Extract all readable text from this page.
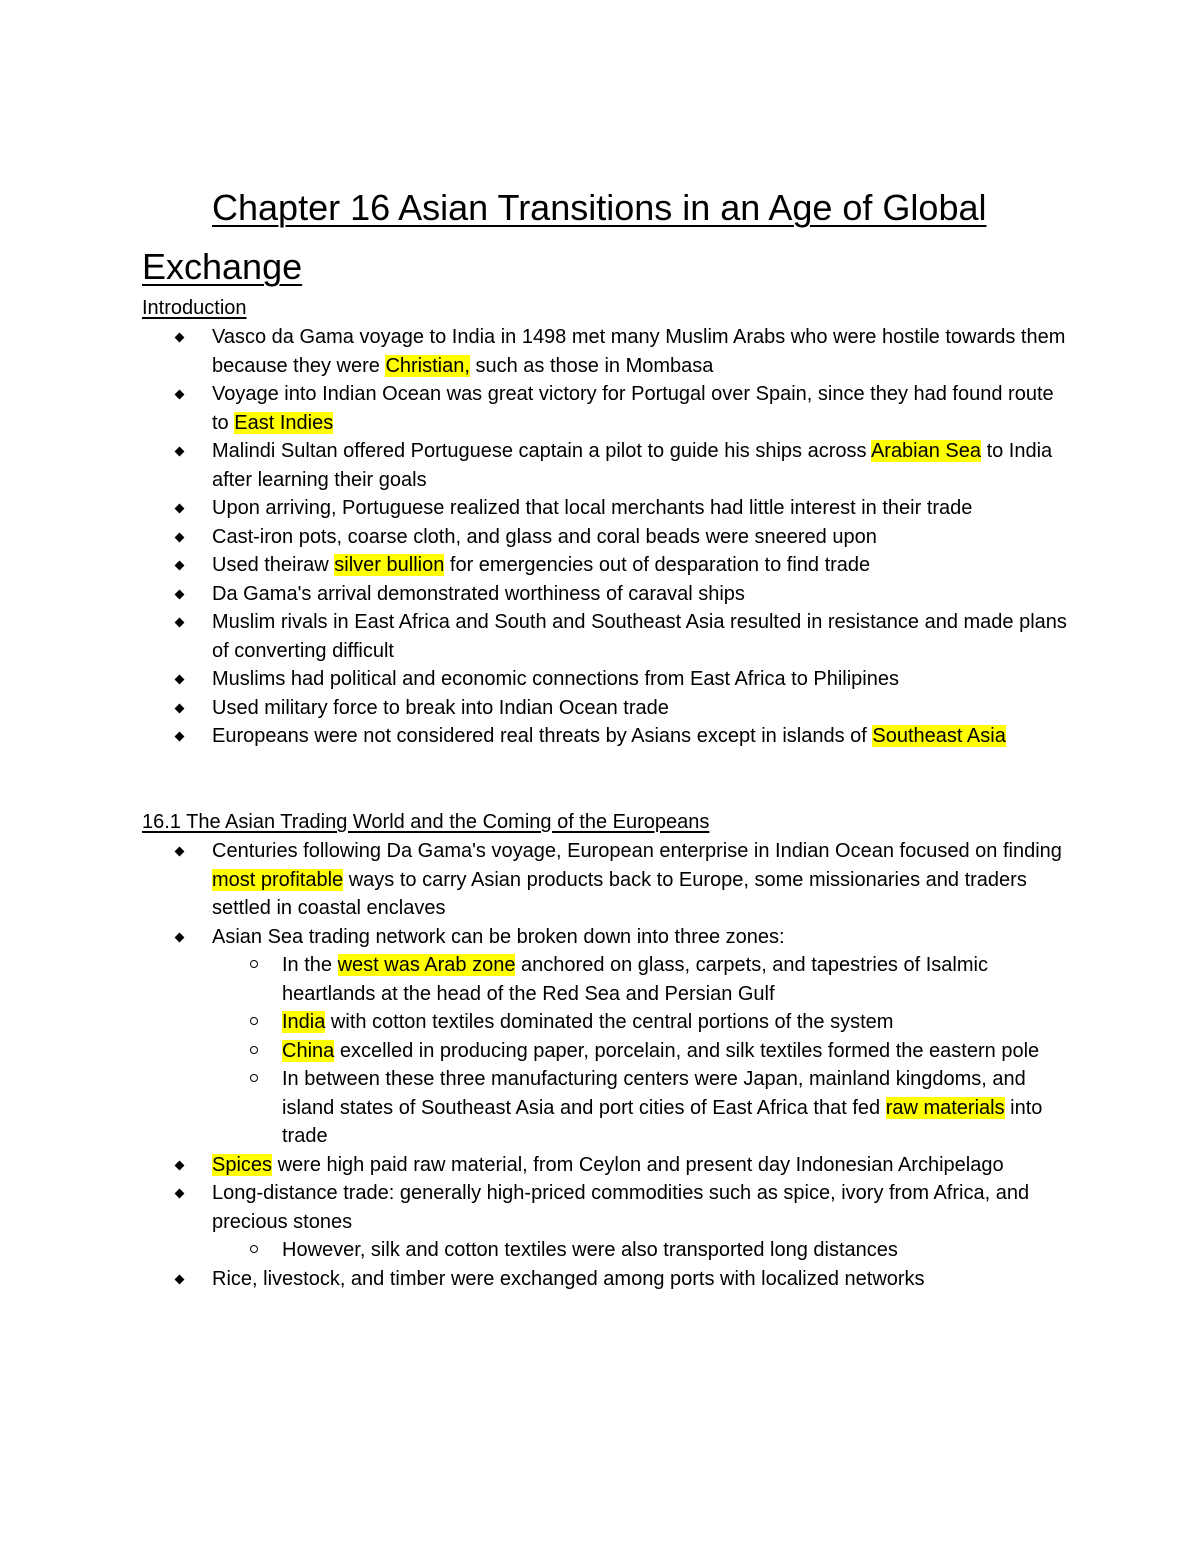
Chapter 16 Asian Transitions in an Age of Global Exchange
Introduction
Vasco da Gama voyage to India in 1498 met many Muslim Arabs who were hostile towards them because they were Christian, such as those in Mombasa
Voyage into Indian Ocean was great victory for Portugal over Spain, since they had found route to East Indies
Malindi Sultan offered Portuguese captain a pilot to guide his ships across Arabian Sea to India after learning their goals
Upon arriving, Portuguese realized that local merchants had little interest in their trade
Cast-iron pots, coarse cloth, and glass and coral beads were sneered upon
Used theiraw silver bullion for emergencies out of desparation to find trade
Da Gama's arrival demonstrated worthiness of caraval ships
Muslim rivals in East Africa and South and Southeast Asia resulted in resistance and made plans of converting difficult
Muslims had political and economic connections from East Africa to Philipines
Used military force to break into Indian Ocean trade
Europeans were not considered real threats by Asians except in islands of Southeast Asia
16.1 The Asian Trading World and the Coming of the Europeans
Centuries following Da Gama's voyage, European enterprise in Indian Ocean focused on finding most profitable ways to carry Asian products back to Europe, some missionaries and traders settled in coastal enclaves
Asian Sea trading network can be broken down into three zones:
In the west was Arab zone anchored on glass, carpets, and tapestries of Isalmic heartlands at the head of the Red Sea and Persian Gulf
India with cotton textiles dominated the central portions of the system
China excelled in producing paper, porcelain, and silk textiles formed the eastern pole
In between these three manufacturing centers were Japan, mainland kingdoms, and island states of Southeast Asia and port cities of East Africa that fed raw materials into trade
Spices were high paid raw material, from Ceylon and present day Indonesian Archipelago
Long-distance trade: generally high-priced commodities such as spice, ivory from Africa, and precious stones
However, silk and cotton textiles were also transported long distances
Rice, livestock, and timber were exchanged among ports with localized networks
